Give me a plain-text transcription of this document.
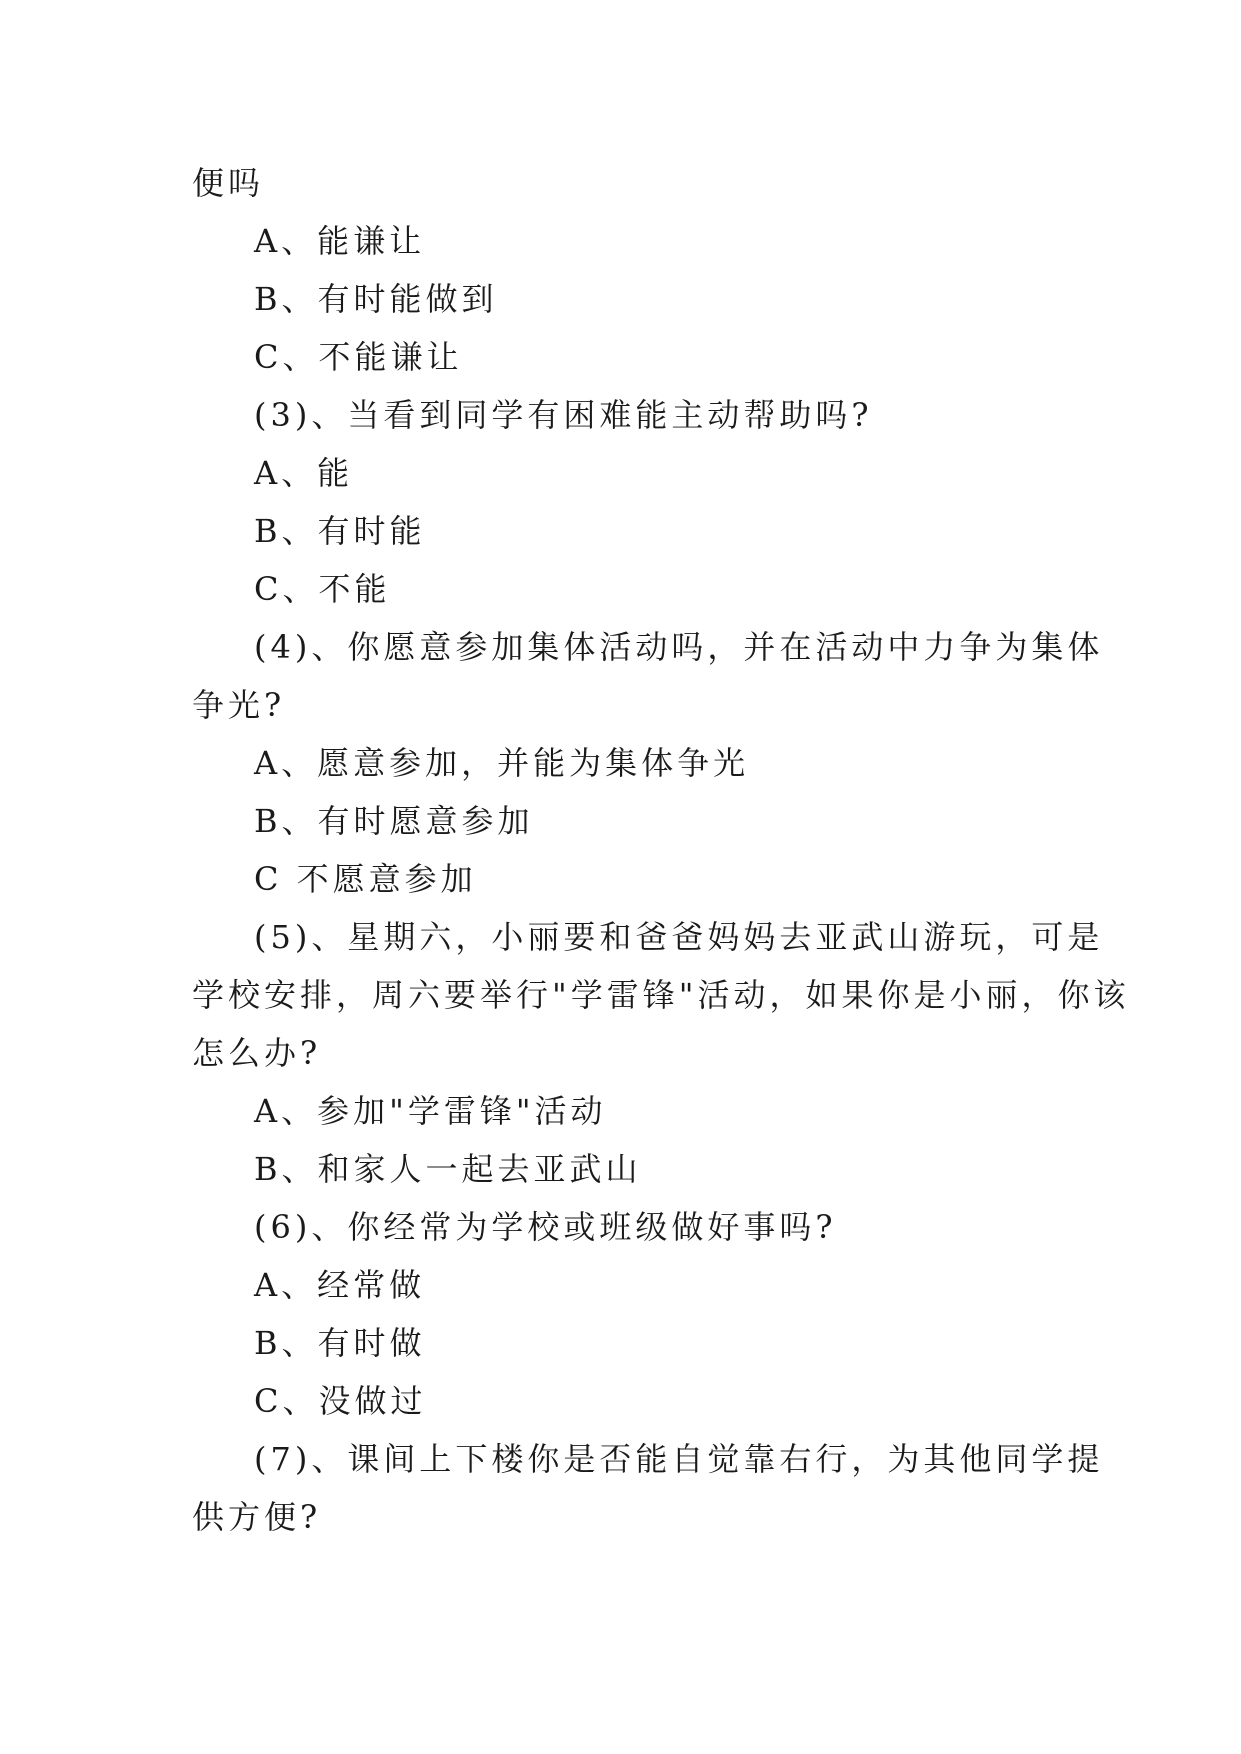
便吗
A、能谦让
B、有时能做到
C、不能谦让
(3)、当看到同学有困难能主动帮助吗?
A、能
B、有时能
C、不能
(4)、你愿意参加集体活动吗，并在活动中力争为集体
争光?
A、愿意参加，并能为集体争光
B、有时愿意参加
C 不愿意参加
(5)、星期六，小丽要和爸爸妈妈去亚武山游玩，可是
学校安排，周六要举行"学雷锋"活动，如果你是小丽，你该
怎么办?
A、参加"学雷锋"活动
B、和家人一起去亚武山
(6)、你经常为学校或班级做好事吗?
A、经常做
B、有时做
C、没做过
(7)、课间上下楼你是否能自觉靠右行，为其他同学提
供方便?
